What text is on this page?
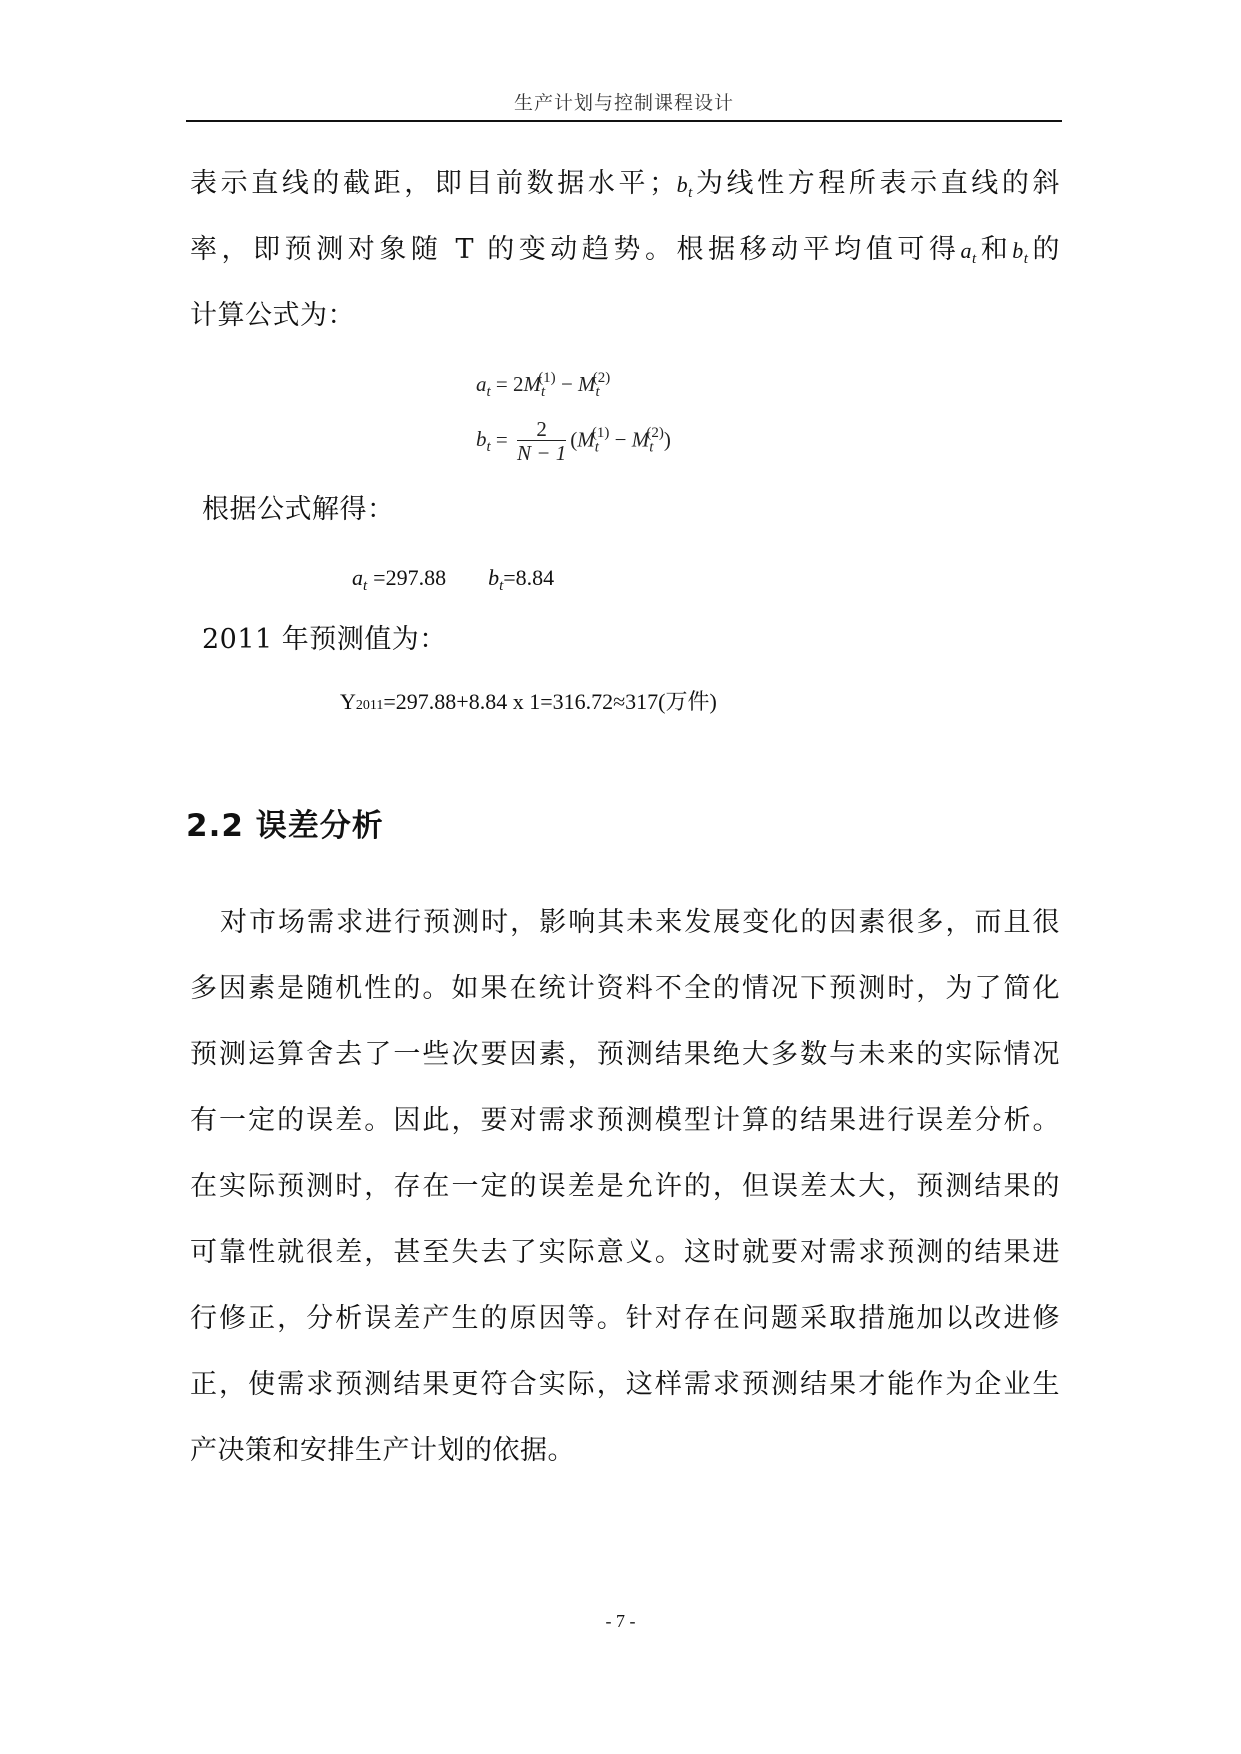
生产计划与控制课程设计
表示直线的截距，即目前数据水平；$b_t$为线性方程所表示直线的斜
率，即预测对象随 T 的变动趋势。根据移动平均值可得$a_t$和$b_t$的
计算公式为：
$a_t = 2M_t^{(1)} - M_t^{(2)}$
$b_t = \frac{2}{N - 1} (M_t^{(1)} - M_t^{(2)})$
根据公式解得：
$a_t =297.88$ $b_t=8.84$
2011 年预测值为：
Y2011=297.88+8.84 x 1=316.72≈317(万件)
2.2 误差分析
对市场需求进行预测时，影响其未来发展变化的因素很多，而且很
多因素是随机性的。如果在统计资料不全的情况下预测时，为了简化
预测运算舍去了一些次要因素，预测结果绝大多数与未来的实际情况
有一定的误差。因此，要对需求预测模型计算的结果进行误差分析。
在实际预测时，存在一定的误差是允许的，但误差太大，预测结果的
可靠性就很差，甚至失去了实际意义。这时就要对需求预测的结果进
行修正，分析误差产生的原因等。针对存在问题采取措施加以改进修
正，使需求预测结果更符合实际，这样需求预测结果才能作为企业生
产决策和安排生产计划的依据。
- 7 -
